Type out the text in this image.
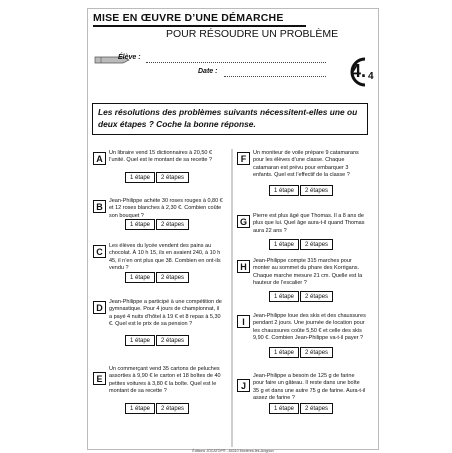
MISE EN ŒUVRE D’UNE DÉMARCHE
POUR RÉSOUDRE UN PROBLÈME
Élève :
Date :	4. 4
Les résolutions des problèmes suivants nécessitent-elles une ou deux étapes ? Coche la bonne réponse.
A
Un libraire vend 15 dictionnaires à 20,50 € l’unité. Quel est le montant de sa recette ?
1 étape	2 étapes
B
Jean-Philippe achète 30 roses rouges à 0,80 € et 12 roses blanches à 2,30 €. Combien coûte son bouquet ?
1 étape	2 étapes
C
Les élèves du lycée vendent des pains au chocolat. À 10 h 15, ils en avaient 240, à 10 h 45, il n’en ont plus que 38. Combien en ont-ils vendu ?
1 étape	2 étapes
D
Jean-Philippe a participé à une compétition de gymnastique. Pour 4 jours de championnat, il a payé 4 nuits d’hôtel à 19 € et 8 repas à 5,30 €. Quel est le prix de sa pension ?
1 étape	2 étapes
E
Un commerçant vend 35 cartons de peluches assorties à 9,90 € le carton et 18 boîtes de 40 petites voitures à 3,80 € la boîte. Quel est le montant de sa recette ?
1 étape	2 étapes
F
Un moniteur de voile prépare 9 catamarans pour les élèves d’une classe. Chaque catamaran est prévu pour embarquer 3 enfants. Quel est l’effectif de la classe ?
1 étape	2 étapes
G
Pierre est plus âgé que Thomas. Il a 8 ans de plus que lui. Quel âge aura-t-il quand Thomas aura 22 ans ?
1 étape	2 étapes
H
Jean-Philippe compte 315 marches pour monter au sommet du phare des Korrigans. Chaque marche mesure 21 cm. Quelle est la hauteur de l’escalier ?
1 étape	2 étapes
I
Jean-Philippe loue des skis et des chaussures pendant 2 jours. Une journée de location pour les chaussures coûte 5,50 € et celle des skis 9,90 €. Combien Jean-Philippe va-t-il payer ?
1 étape	2 étapes
J
Jean-Philippe a besoin de 125 g de farine pour faire un gâteau. Il reste dans une boîte 35 g et dans une autre 75 g de farine. Aura-t-il assez de farine ?
1 étape	2 étapes
Éditions JOCATOP® - 84310 Morières-lès-Avignon
